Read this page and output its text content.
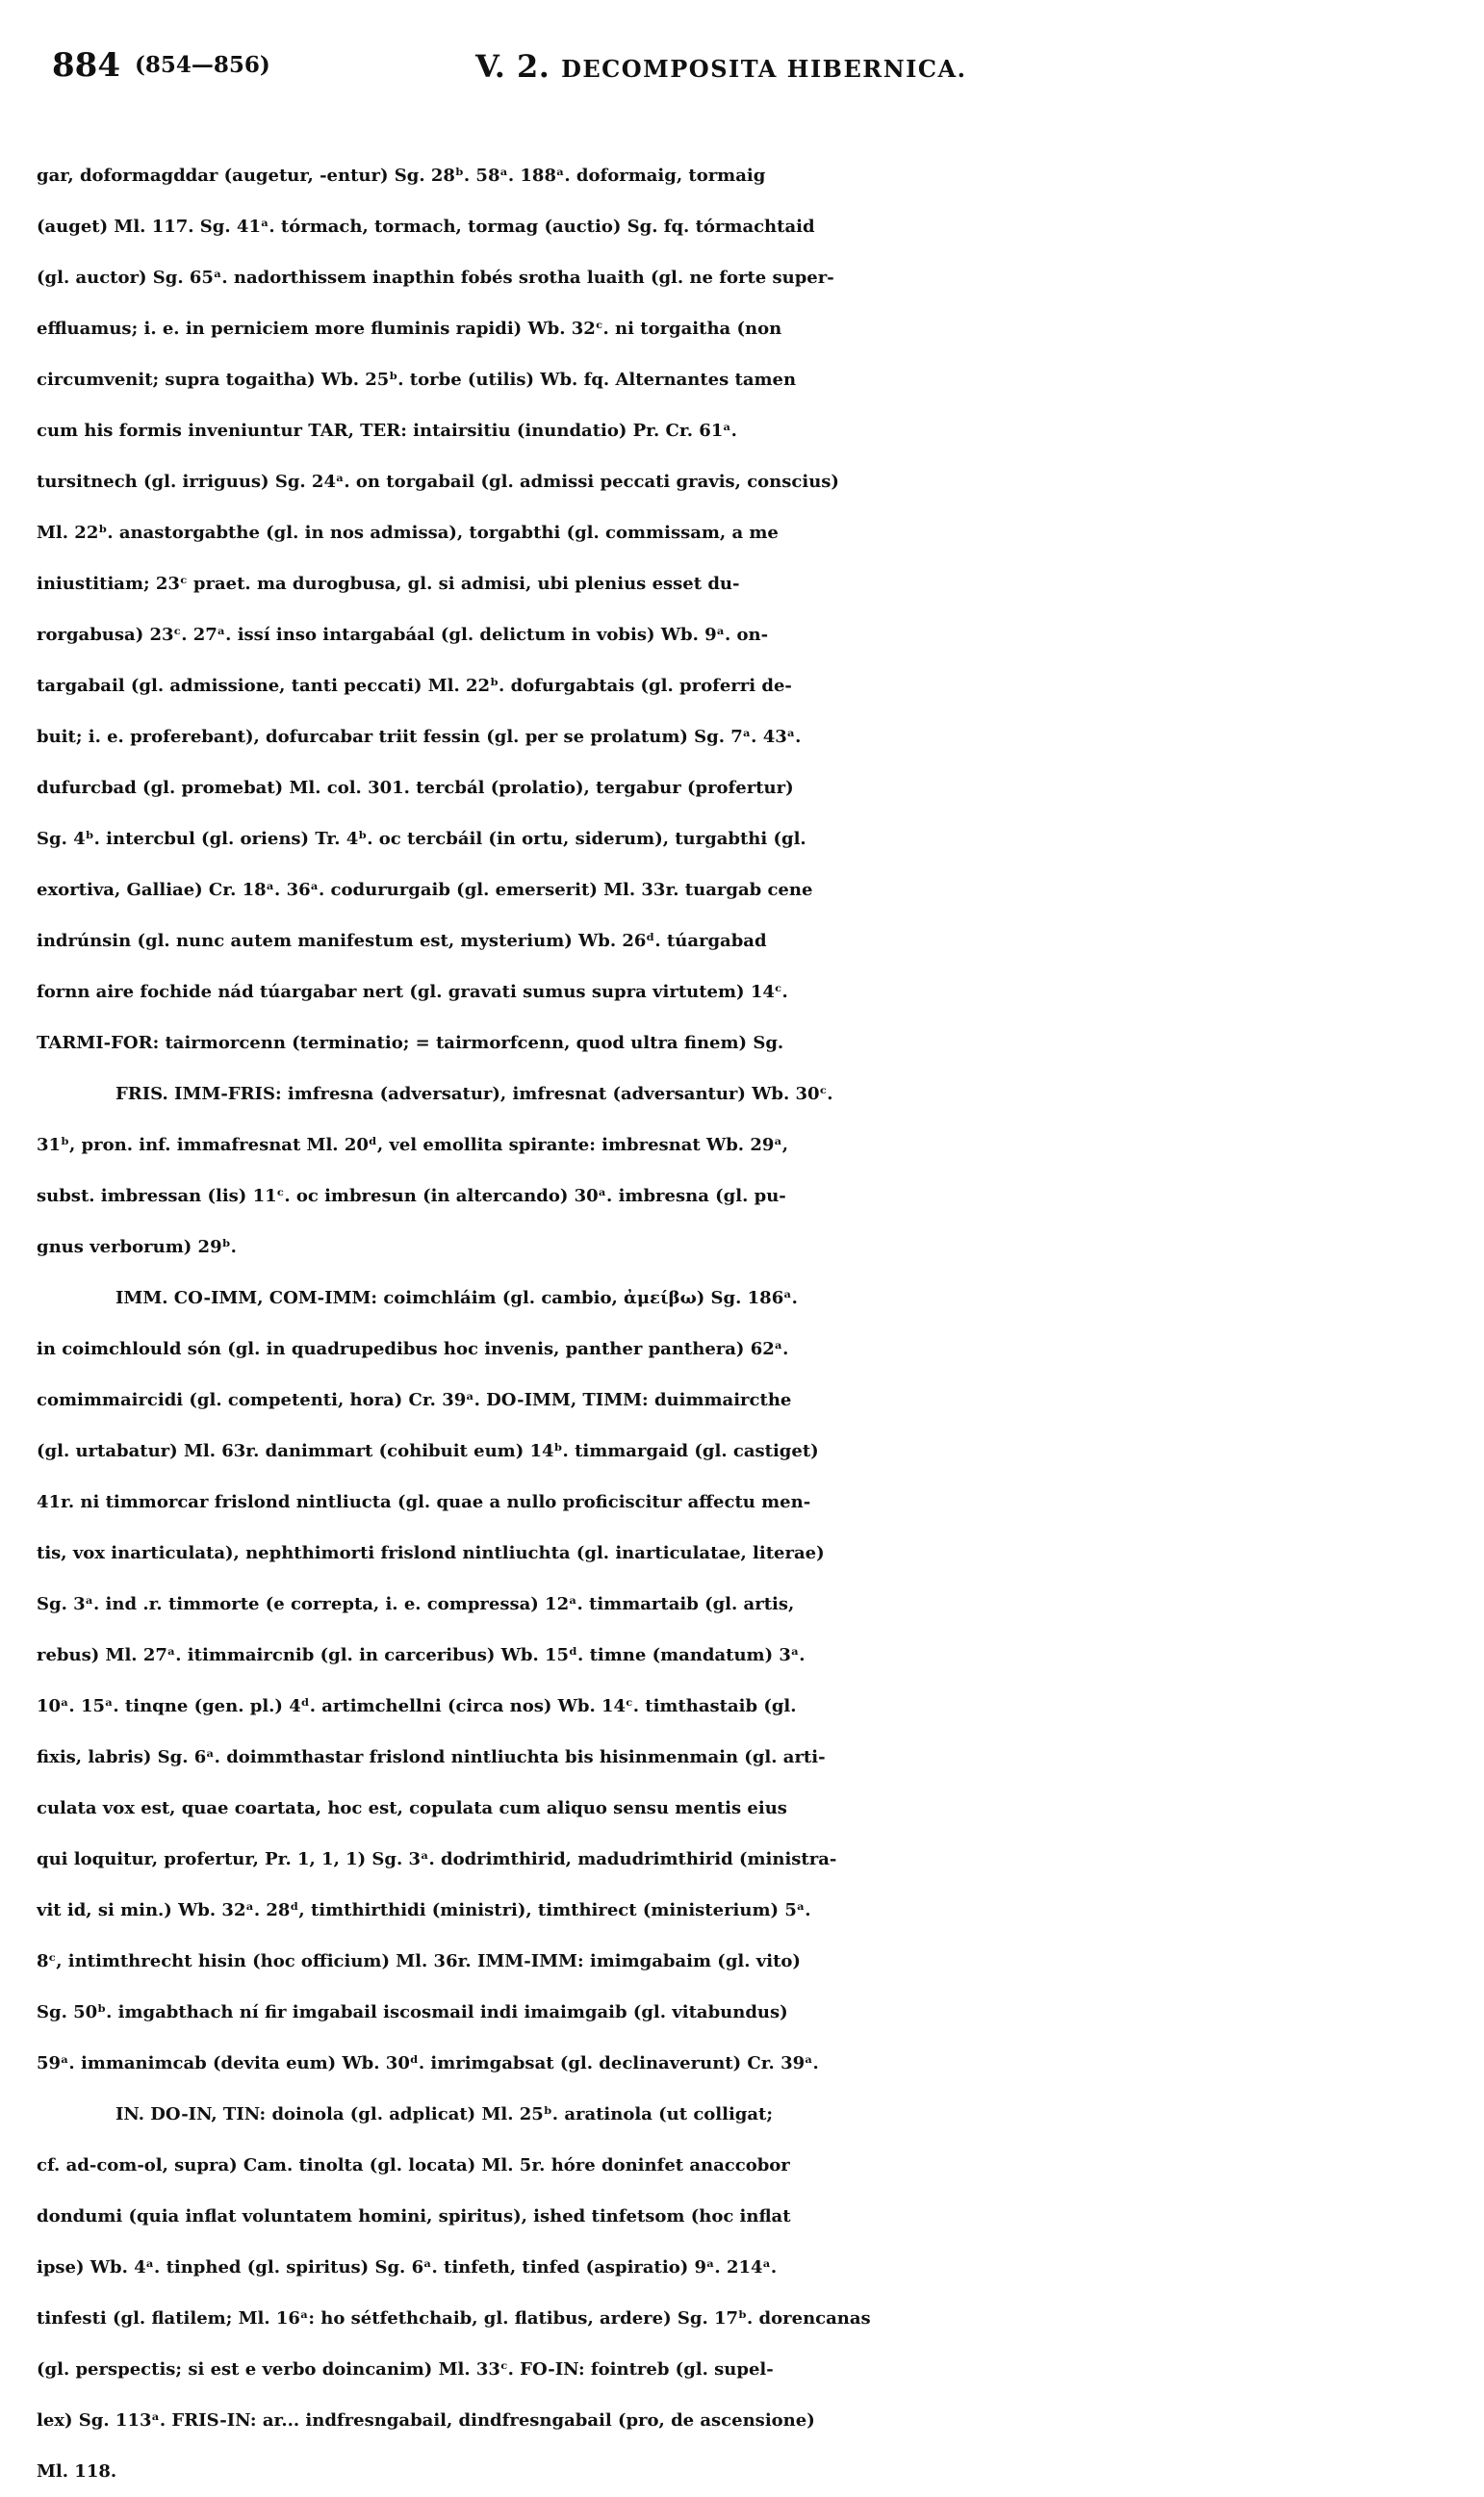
884 (854—856)	V. 2. DECOMPOSITA HIBERNICA.
gar, doformagddar (augetur, -entur) Sg. 28ᵇ. 58ᵃ. 188ᵃ. doformaig, tormaig
(auget) Ml. 117. Sg. 41ᵃ. tórmach, tormach, tormag (auctio) Sg. fq. tórmachtaid
(gl. auctor) Sg. 65ᵃ. nadorthissem inapthin fobés srotha luaith (gl. ne forte super-
effluamus; i. e. in perniciem more fluminis rapidi) Wb. 32ᶜ. ni torgaitha (non
circumvenit; supra togaitha) Wb. 25ᵇ. torbe (utilis) Wb. fq. Alternantes tamen
cum his formis inveniuntur TAR, TER: intairsitiu (inundatio) Pr. Cr. 61ᵃ.
tursitnech (gl. irriguus) Sg. 24ᵃ. on torgabail (gl. admissi peccati gravis, conscius)
Ml. 22ᵇ. anastorgabthe (gl. in nos admissa), torgabthi (gl. commissam, a me
iniustitiam; 23ᶜ praet. ma durogbusa, gl. si admisi, ubi plenius esset du-
rorgabusa) 23ᶜ. 27ᵃ. issí inso intargabáal (gl. delictum in vobis) Wb. 9ᵃ. on-
targabail (gl. admissione, tanti peccati) Ml. 22ᵇ. dofurgabtais (gl. proferri de-
buit; i. e. proferebant), dofurcabar triit fessin (gl. per se prolatum) Sg. 7ᵃ. 43ᵃ.
dufurcbad (gl. promebat) Ml. col. 301. tercbál (prolatio), tergabur (profertur)
Sg. 4ᵇ. intercbul (gl. oriens) Tr. 4ᵇ. oc tercbáil (in ortu, siderum), turgabthi (gl.
exortiva, Galliae) Cr. 18ᵃ. 36ᵃ. codururgaib (gl. emerserit) Ml. 33r. tuargab cene
indrúnsin (gl. nunc autem manifestum est, mysterium) Wb. 26ᵈ. túargabad
fornn aire fochide nád túargabar nert (gl. gravati sumus supra virtutem) 14ᶜ.
TARMI-FOR: tairmorcenn (terminatio; = tairmorfcenn, quod ultra finem) Sg.
FRIS. IMM-FRIS: imfresna (adversatur), imfresnat (adversantur) Wb. 30ᶜ.
31ᵇ, pron. inf. immafresnat Ml. 20ᵈ, vel emollita spirante: imbresnat Wb. 29ᵃ,
subst. imbressan (lis) 11ᶜ. oc imbresun (in altercando) 30ᵃ. imbresna (gl. pu-
gnus verborum) 29ᵇ.
IMM. CO-IMM, COM-IMM: coimchláim (gl. cambio, ἀμείβω) Sg. 186ᵃ.
in coimchlould són (gl. in quadrupedibus hoc invenis, panther panthera) 62ᵃ.
comimmaircidi (gl. competenti, hora) Cr. 39ᵃ. DO-IMM, TIMM: duimmaircthe
(gl. urtabatur) Ml. 63r. danimmart (cohibuit eum) 14ᵇ. timmargaid (gl. castiget)
41r. ni timmorcar frislond nintliucta (gl. quae a nullo proficiscitur affectu men-
tis, vox inarticulata), nephthimorti frislond nintliuchta (gl. inarticulatae, literae)
Sg. 3ᵃ. ind .r. timmorte (e correpta, i. e. compressa) 12ᵃ. timmartaib (gl. artis,
rebus) Ml. 27ᵃ. itimmaircnib (gl. in carceribus) Wb. 15ᵈ. timne (mandatum) 3ᵃ.
10ᵃ. 15ᵃ. tinqne (gen. pl.) 4ᵈ. artimchellni (circa nos) Wb. 14ᶜ. timthastaib (gl.
fixis, labris) Sg. 6ᵃ. doimmthastar frislond nintliuchta bis hisinmenmain (gl. arti-
culata vox est, quae coartata, hoc est, copulata cum aliquo sensu mentis eius
qui loquitur, profertur, Pr. 1, 1, 1) Sg. 3ᵃ. dodrimthirid, madudrimthirid (ministra-
vit id, si min.) Wb. 32ᵃ. 28ᵈ, timthirthidi (ministri), timthirect (ministerium) 5ᵃ.
8ᶜ, intimthrecht hisin (hoc officium) Ml. 36r. IMM-IMM: imimgabaim (gl. vito)
Sg. 50ᵇ. imgabthach ní fir imgabail iscosmail indi imaimgaib (gl. vitabundus)
59ᵃ. immanimcab (devita eum) Wb. 30ᵈ. imrimgabsat (gl. declinaverunt) Cr. 39ᵃ.
IN. DO-IN, TIN: doinola (gl. adplicat) Ml. 25ᵇ. aratinola (ut colligat;
cf. ad-com-ol, supra) Cam. tinolta (gl. locata) Ml. 5r. hóre doninfet anaccobor
dondumi (quia inflat voluntatem homini, spiritus), ished tinfetsom (hoc inflat
ipse) Wb. 4ᵃ. tinphed (gl. spiritus) Sg. 6ᵃ. tinfeth, tinfed (aspiratio) 9ᵃ. 214ᵃ.
tinfesti (gl. flatilem; Ml. 16ᵃ: ho sétfethchaib, gl. flatibus, ardere) Sg. 17ᵇ. dorencanas
(gl. perspectis; si est e verbo doincanim) Ml. 33ᶜ. FO-IN: fointreb (gl. supel-
lex) Sg. 113ᵃ. FRIS-IN: ar... indfresngabail, dindfresngabail (pro, de ascensione)
Ml. 118.
